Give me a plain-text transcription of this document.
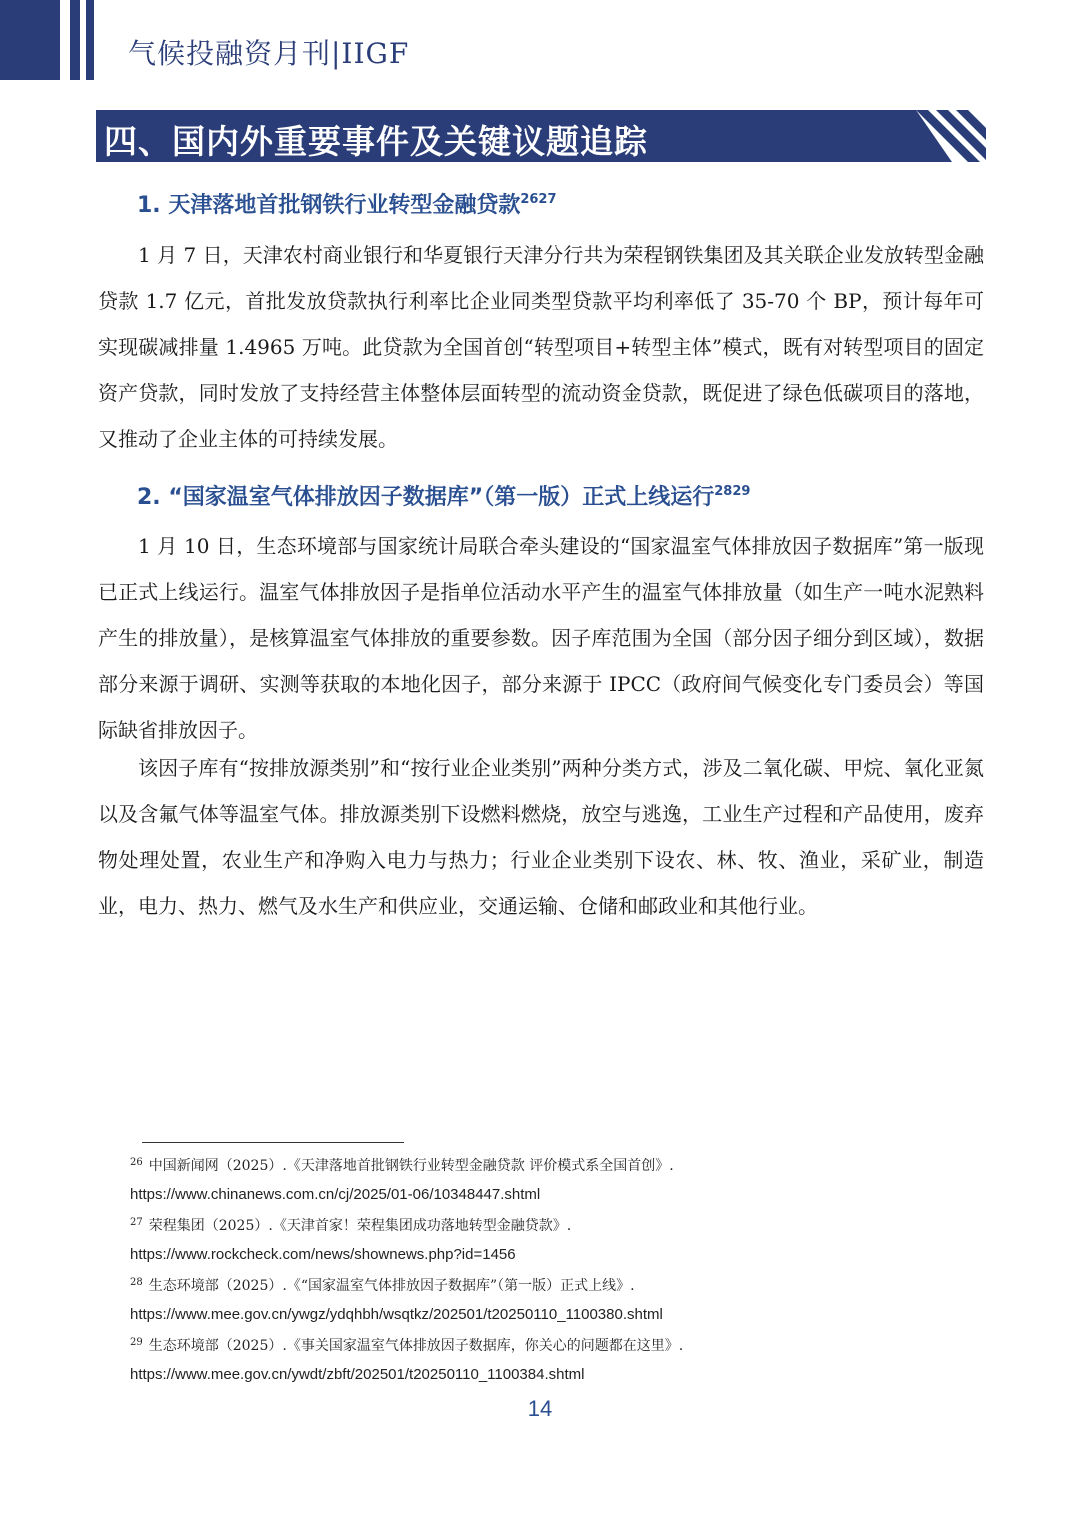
气候投融资月刊|IIGF
四、国内外重要事件及关键议题追踪
1. 天津落地首批钢铁行业转型金融贷款$^{2627}$

1 月 7 日，天津农村商业银行和华夏银行天津分行共为荣程钢铁集团及其关联企业发放转型金融贷款 1.7 亿元，首批发放贷款执行利率比企业同类型贷款平均利率低了 35-70 个 BP，预计每年可实现碳减排量 1.4965 万吨。此贷款为全国首创“转型项目+转型主体”模式，既有对转型项目的固定资产贷款，同时发放了支持经营主体整体层面转型的流动资金贷款，既促进了绿色低碳项目的落地，又推动了企业主体的可持续发展。

2. “国家温室气体排放因子数据库”（第一版）正式上线运行$^{2829}$

1 月 10 日，生态环境部与国家统计局联合牵头建设的“国家温室气体排放因子数据库”第一版现已正式上线运行。温室气体排放因子是指单位活动水平产生的温室气体排放量（如生产一吨水泥熟料产生的排放量），是核算温室气体排放的重要参数。因子库范围为全国（部分因子细分到区域），数据部分来源于调研、实测等获取的本地化因子，部分来源于 IPCC（政府间气候变化专门委员会）等国际缺省排放因子。

该因子库有“按排放源类别”和“按行业企业类别”两种分类方式，涉及二氧化碳、甲烷、氧化亚氮以及含氟气体等温室气体。排放源类别下设燃料燃烧，放空与逃逸，工业生产过程和产品使用，废弃物处理处置，农业生产和净购入电力与热力；行业企业类别下设农、林、牧、渔业，采矿业，制造业，电力、热力、燃气及水生产和供应业，交通运输、仓储和邮政业和其他行业。

$^{26}$ 中国新闻网（2025）.《天津落地首批钢铁行业转型金融贷款 评价模式系全国首创》.
https://www.chinanews.com.cn/cj/2025/01-06/10348447.shtml
$^{27}$ 荣程集团（2025）.《天津首家！荣程集团成功落地转型金融贷款》.
https://www.rockcheck.com/news/shownews.php?id=1456
$^{28}$ 生态环境部（2025）.《“国家温室气体排放因子数据库”（第一版）正式上线》.
https://www.mee.gov.cn/ywgz/ydqhbh/wsqtkz/202501/t20250110_1100380.shtml
$^{29}$ 生态环境部（2025）.《事关国家温室气体排放因子数据库，你关心的问题都在这里》.
https://www.mee.gov.cn/ywdt/zbft/202501/t20250110_1100384.shtml
14
